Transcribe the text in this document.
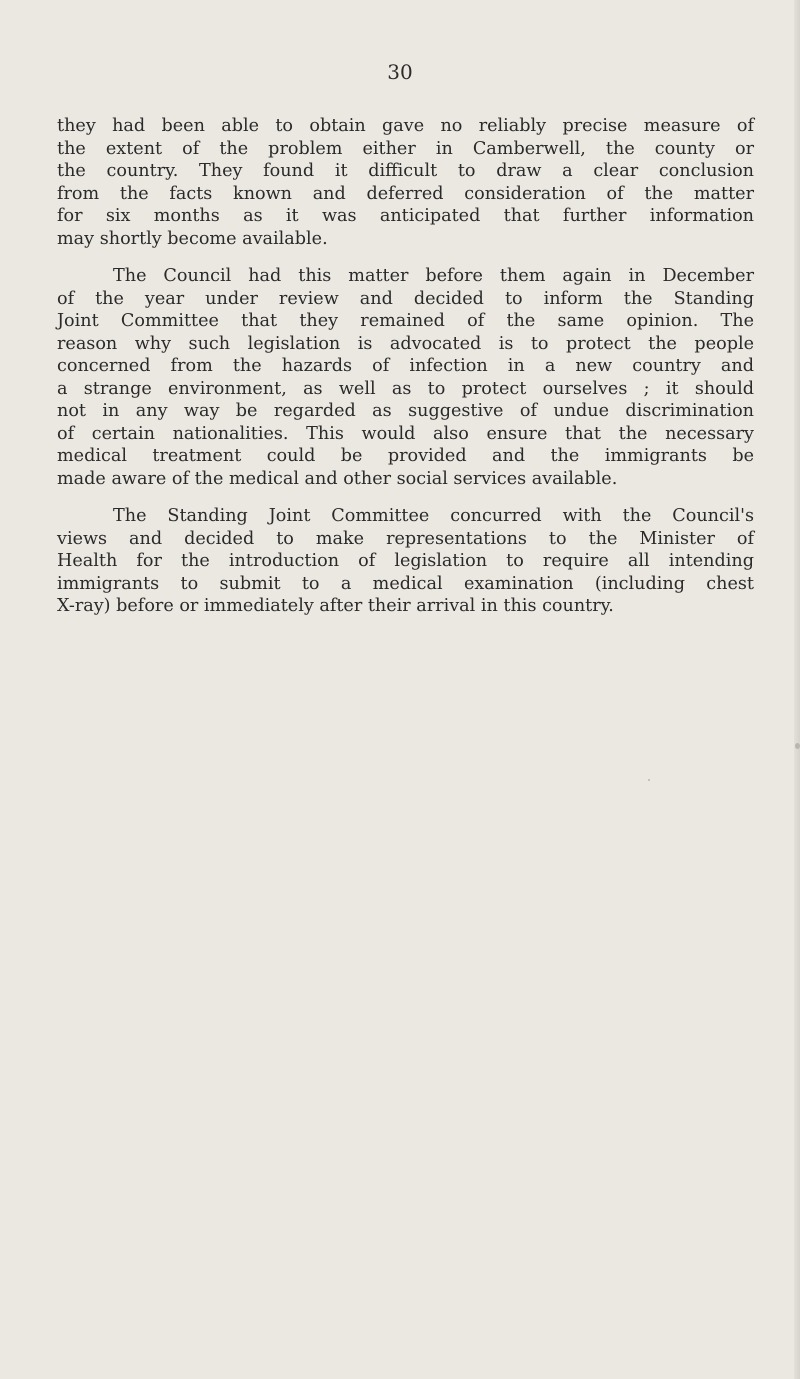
30

they had been able to obtain gave no reliably precise measure of
the extent of the problem either in Camberwell, the county or
the country. They found it difficult to draw a clear conclusion
from the facts known and deferred consideration of the matter
for six months as it was anticipated that further information
may shortly become available.

The Council had this matter before them again in December
of the year under review and decided to inform the Standing
Joint Committee that they remained of the same opinion. The
reason why such legislation is advocated is to protect the people
concerned from the hazards of infection in a new country and
a strange environment, as well as to protect ourselves ; it should
not in any way be regarded as suggestive of undue discrimination
of certain nationalities. This would also ensure that the necessary
medical treatment could be provided and the immigrants be
made aware of the medical and other social services available.

The Standing Joint Committee concurred with the Council's
views and decided to make representations to the Minister of
Health for the introduction of legislation to require all intending
immigrants to submit to a medical examination (including chest
X-ray) before or immediately after their arrival in this country.
